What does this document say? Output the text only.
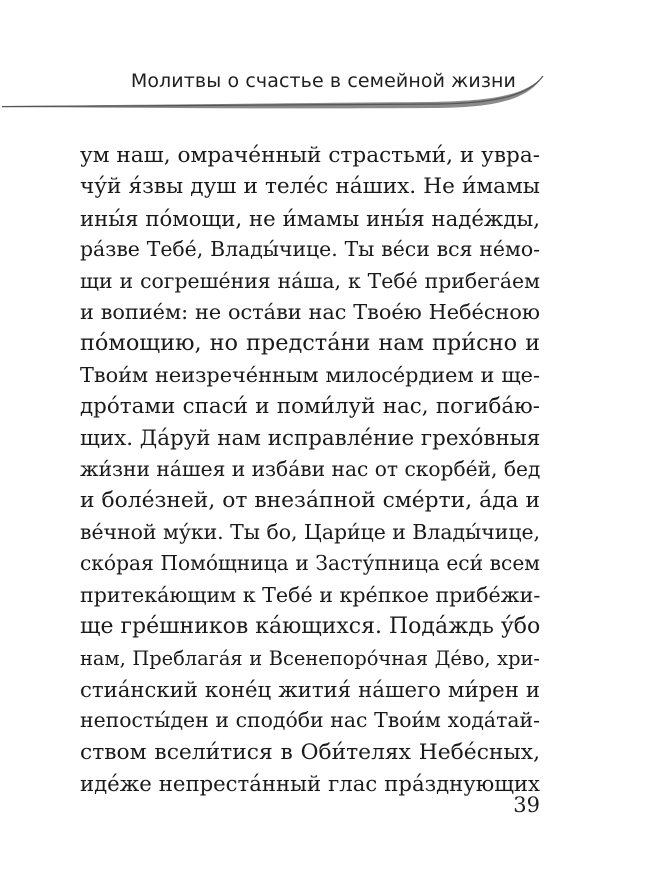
Молитвы о счастье в семейной жизни
ум наш, омраче́нный страстьми́, и увра-
чу́й я́звы душ и теле́с на́ших. Не и́мамы
ины́я по́мощи, не и́мамы ины́я наде́жды,
ра́зве Тебе́, Влады́чице. Ты ве́си вся не́мо-
щи и согреше́ния на́ша, к Тебе́ прибега́ем
и вопие́м: не оста́ви нас Твое́ю Небе́сною
по́мощию, но предста́ни нам при́сно и
Твои́м неизрече́нным милосе́рдием и ще-
дро́тами спаси́ и поми́луй нас, погиба́ю-
щих. Да́руй нам исправле́ние грехо́вныя
жи́зни на́шея и изба́ви нас от скорбе́й, бед
и боле́зней, от внеза́пной сме́рти, а́да и
ве́чной му́ки. Ты бо, Цари́це и Влады́чице,
ско́рая Помо́щница и Засту́пница еси́ всем
притека́ющим к Тебе́ и кре́пкое прибе́жи-
ще гре́шников ка́ющихся. Пода́ждь у́бо
нам, Преблага́я и Всенепоро́чная Де́во, хри-
стиа́нский коне́ц жития́ на́шего ми́рен и
непосты́ден и сподо́би нас Твои́м хода́тай-
ством всели́тися в Оби́телях Небе́сных,
иде́же непреста́нный глас пра́зднующих
39
